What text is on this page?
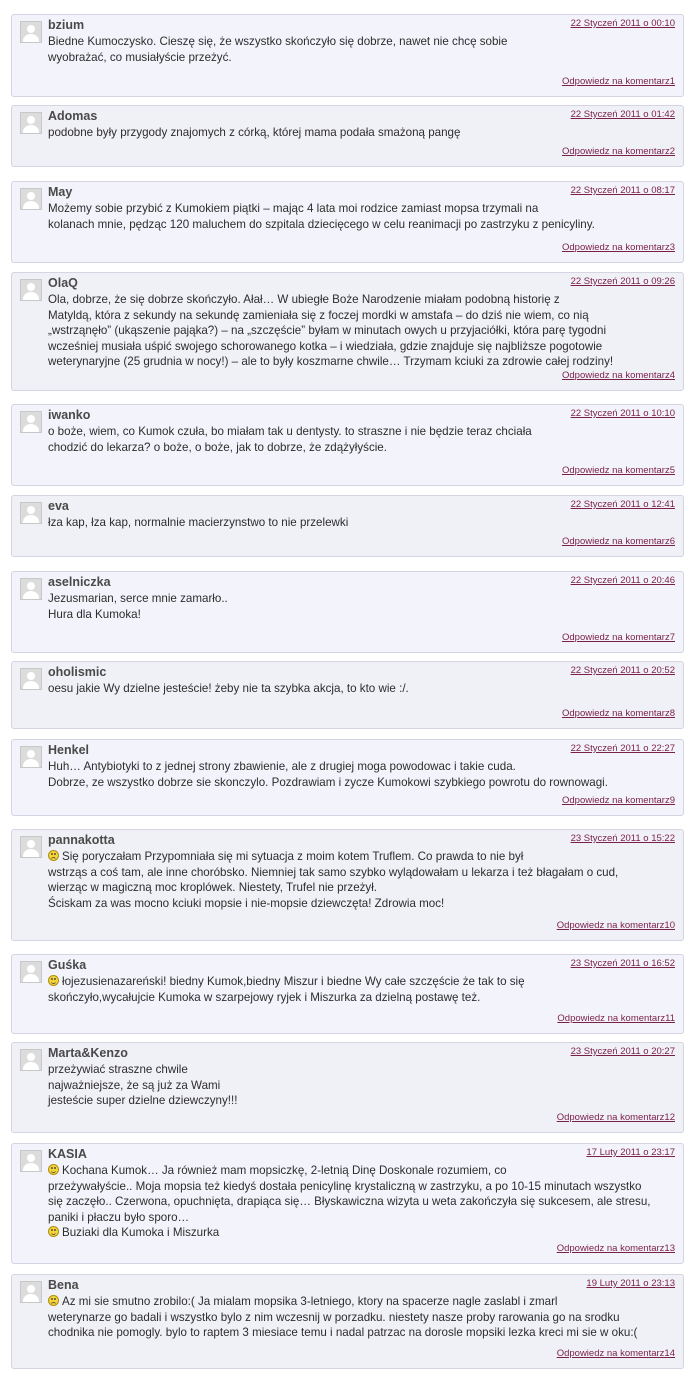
bzium	22 Styczeń 2011 o 00:10
Biedne Kumoczysko. Cieszę się, że wszystko skończyło się dobrze, nawet nie chcę sobie
wyobrażać, co musiałyście przeżyć.
Odpowiedz na komentarz1
Adomas	22 Styczeń 2011 o 01:42
podobne były przygody znajomych z córką, której mama podała smażoną pangę
Odpowiedz na komentarz2
May	22 Styczeń 2011 o 08:17
Możemy sobie przybić z Kumokiem piątki – mając 4 lata moi rodzice zamiast mopsa trzymali na
kolanach mnie, pędząc 120 maluchem do szpitala dziecięcego w celu reanimacji po zastrzyku z penicyliny.
Odpowiedz na komentarz3
OlaQ	22 Styczeń 2011 o 09:26
Ola, dobrze, że się dobrze skończyło. Ałał… W ubiegłe Boże Narodzenie miałam podobną historię z
Matyldą, która z sekundy na sekundę zamieniała się z foczej mordki w amstafa – do dziś nie wiem, co nią
„wstrząnęło” (ukąszenie pająka?) – na „szczęście” byłam w minutach owych u przyjaciółki, która parę tygodni
wcześniej musiała uśpić swojego schorowanego kotka – i wiedziała, gdzie znajduje się najbliższe pogotowie
weterynaryjne (25 grudnia w nocy!) – ale to były koszmarne chwile… Trzymam kciuki za zdrowie całej rodziny!
Odpowiedz na komentarz4
iwanko	22 Styczeń 2011 o 10:10
o boże, wiem, co Kumok czuła, bo miałam tak u dentysty. to straszne i nie będzie teraz chciała
chodzić do lekarza? o boże, o boże, jak to dobrze, że zdążyłyście.
Odpowiedz na komentarz5
eva	22 Styczeń 2011 o 12:41
łza kap, łza kap, normalnie macierzynstwo to nie przelewki
Odpowiedz na komentarz6
aselniczka	22 Styczeń 2011 o 20:46
Jezusmarian, serce mnie zamarło..
Hura dla Kumoka!
Odpowiedz na komentarz7
oholismic	22 Styczeń 2011 o 20:52
oesu jakie Wy dzielne jesteście! żeby nie ta szybka akcja, to kto wie :/.
Odpowiedz na komentarz8
Henkel	22 Styczeń 2011 o 22:27
Huh… Antybiotyki to z jednej strony zbawienie, ale z drugiej moga powodowac i takie cuda.
Dobrze, ze wszystko dobrze sie skonczylo. Pozdrawiam i zycze Kumokowi szybkiego powrotu do rownowagi.
Odpowiedz na komentarz9
pannakotta	23 Styczeń 2011 o 15:22
Się poryczałam Przypomniała się mi sytuacja z moim kotem Truflem. Co prawda to nie był
wstrząs a coś tam, ale inne choróbsko. Niemniej tak samo szybko wylądowałam u lekarza i też błagałam o cud,
wierząc w magiczną moc kroplówek. Niestety, Trufel nie przeżył.
Ściskam za was mocno kciuki mopsie i nie-mopsie dziewczęta! Zdrowia moc!
Odpowiedz na komentarz10
Guśka	23 Styczeń 2011 o 16:52
łojezusienazareński! biedny Kumok,biedny Miszur i biedne Wy całe szczęście że tak to się
skończyło,wycałujcie Kumoka w szarpejowy ryjek i Miszurka za dzielną postawę też.
Odpowiedz na komentarz11
Marta&Kenzo	23 Styczeń 2011 o 20:27
przeżywiać straszne chwile
najważniejsze, że są już za Wami
jesteście super dzielne dziewczyny!!!
Odpowiedz na komentarz12
KASIA	17 Luty 2011 o 23:17
Kochana Kumok… Ja również mam mopsiczkę, 2-letnią Dinę Doskonale rozumiem, co
przeżywałyście.. Moja mopsia też kiedyś dostała penicylinę krystaliczną w zastrzyku, a po 10-15 minutach wszystko
się zaczęło.. Czerwona, opuchnięta, drapiąca się… Błyskawiczna wizyta u weta zakończyła się sukcesem, ale stresu,
paniki i płaczu było sporo…
Buziaki dla Kumoka i Miszurka
Odpowiedz na komentarz13
Bena	19 Luty 2011 o 23:13
Az mi sie smutno zrobilo:( Ja mialam mopsika 3-letniego, ktory na spacerze nagle zaslabl i zmarl
weterynarze go badali i wszystko bylo z nim wczesnij w porzadku. niestety nasze proby rarowania go na srodku
chodnika nie pomogly. bylo to raptem 3 miesiace temu i nadal patrzac na dorosle mopsiki lezka kreci mi sie w oku:(
Odpowiedz na komentarz14
